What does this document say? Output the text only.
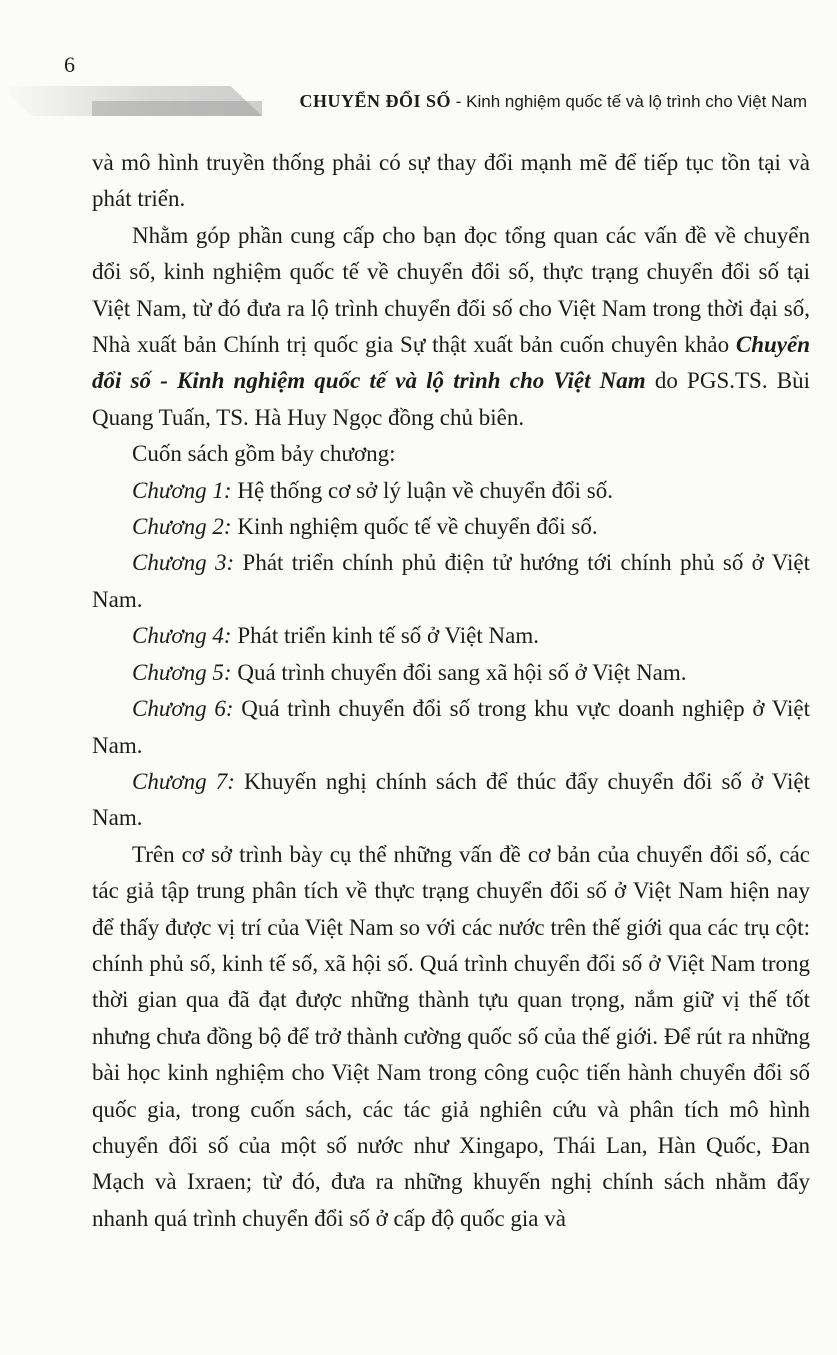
6
CHUYỂN ĐỔI SỐ - Kinh nghiệm quốc tế và lộ trình cho Việt Nam

và mô hình truyền thống phải có sự thay đổi mạnh mẽ để tiếp tục tồn tại và phát triển.

Nhằm góp phần cung cấp cho bạn đọc tổng quan các vấn đề về chuyển đổi số, kinh nghiệm quốc tế về chuyển đổi số, thực trạng chuyển đổi số tại Việt Nam, từ đó đưa ra lộ trình chuyển đổi số cho Việt Nam trong thời đại số, Nhà xuất bản Chính trị quốc gia Sự thật xuất bản cuốn chuyên khảo Chuyển đổi số - Kinh nghiệm quốc tế và lộ trình cho Việt Nam do PGS.TS. Bùi Quang Tuấn, TS. Hà Huy Ngọc đồng chủ biên.

Cuốn sách gồm bảy chương:

Chương 1: Hệ thống cơ sở lý luận về chuyển đổi số.

Chương 2: Kinh nghiệm quốc tế về chuyển đổi số.

Chương 3: Phát triển chính phủ điện tử hướng tới chính phủ số ở Việt Nam.

Chương 4: Phát triển kinh tế số ở Việt Nam.

Chương 5: Quá trình chuyển đổi sang xã hội số ở Việt Nam.

Chương 6: Quá trình chuyển đổi số trong khu vực doanh nghiệp ở Việt Nam.

Chương 7: Khuyến nghị chính sách để thúc đẩy chuyển đổi số ở Việt Nam.

Trên cơ sở trình bày cụ thể những vấn đề cơ bản của chuyển đổi số, các tác giả tập trung phân tích về thực trạng chuyển đổi số ở Việt Nam hiện nay để thấy được vị trí của Việt Nam so với các nước trên thế giới qua các trụ cột: chính phủ số, kinh tế số, xã hội số. Quá trình chuyển đổi số ở Việt Nam trong thời gian qua đã đạt được những thành tựu quan trọng, nắm giữ vị thế tốt nhưng chưa đồng bộ để trở thành cường quốc số của thế giới. Để rút ra những bài học kinh nghiệm cho Việt Nam trong công cuộc tiến hành chuyển đổi số quốc gia, trong cuốn sách, các tác giả nghiên cứu và phân tích mô hình chuyển đổi số của một số nước như Xingapo, Thái Lan, Hàn Quốc, Đan Mạch và Ixraen; từ đó, đưa ra những khuyến nghị chính sách nhằm đẩy nhanh quá trình chuyển đổi số ở cấp độ quốc gia và
